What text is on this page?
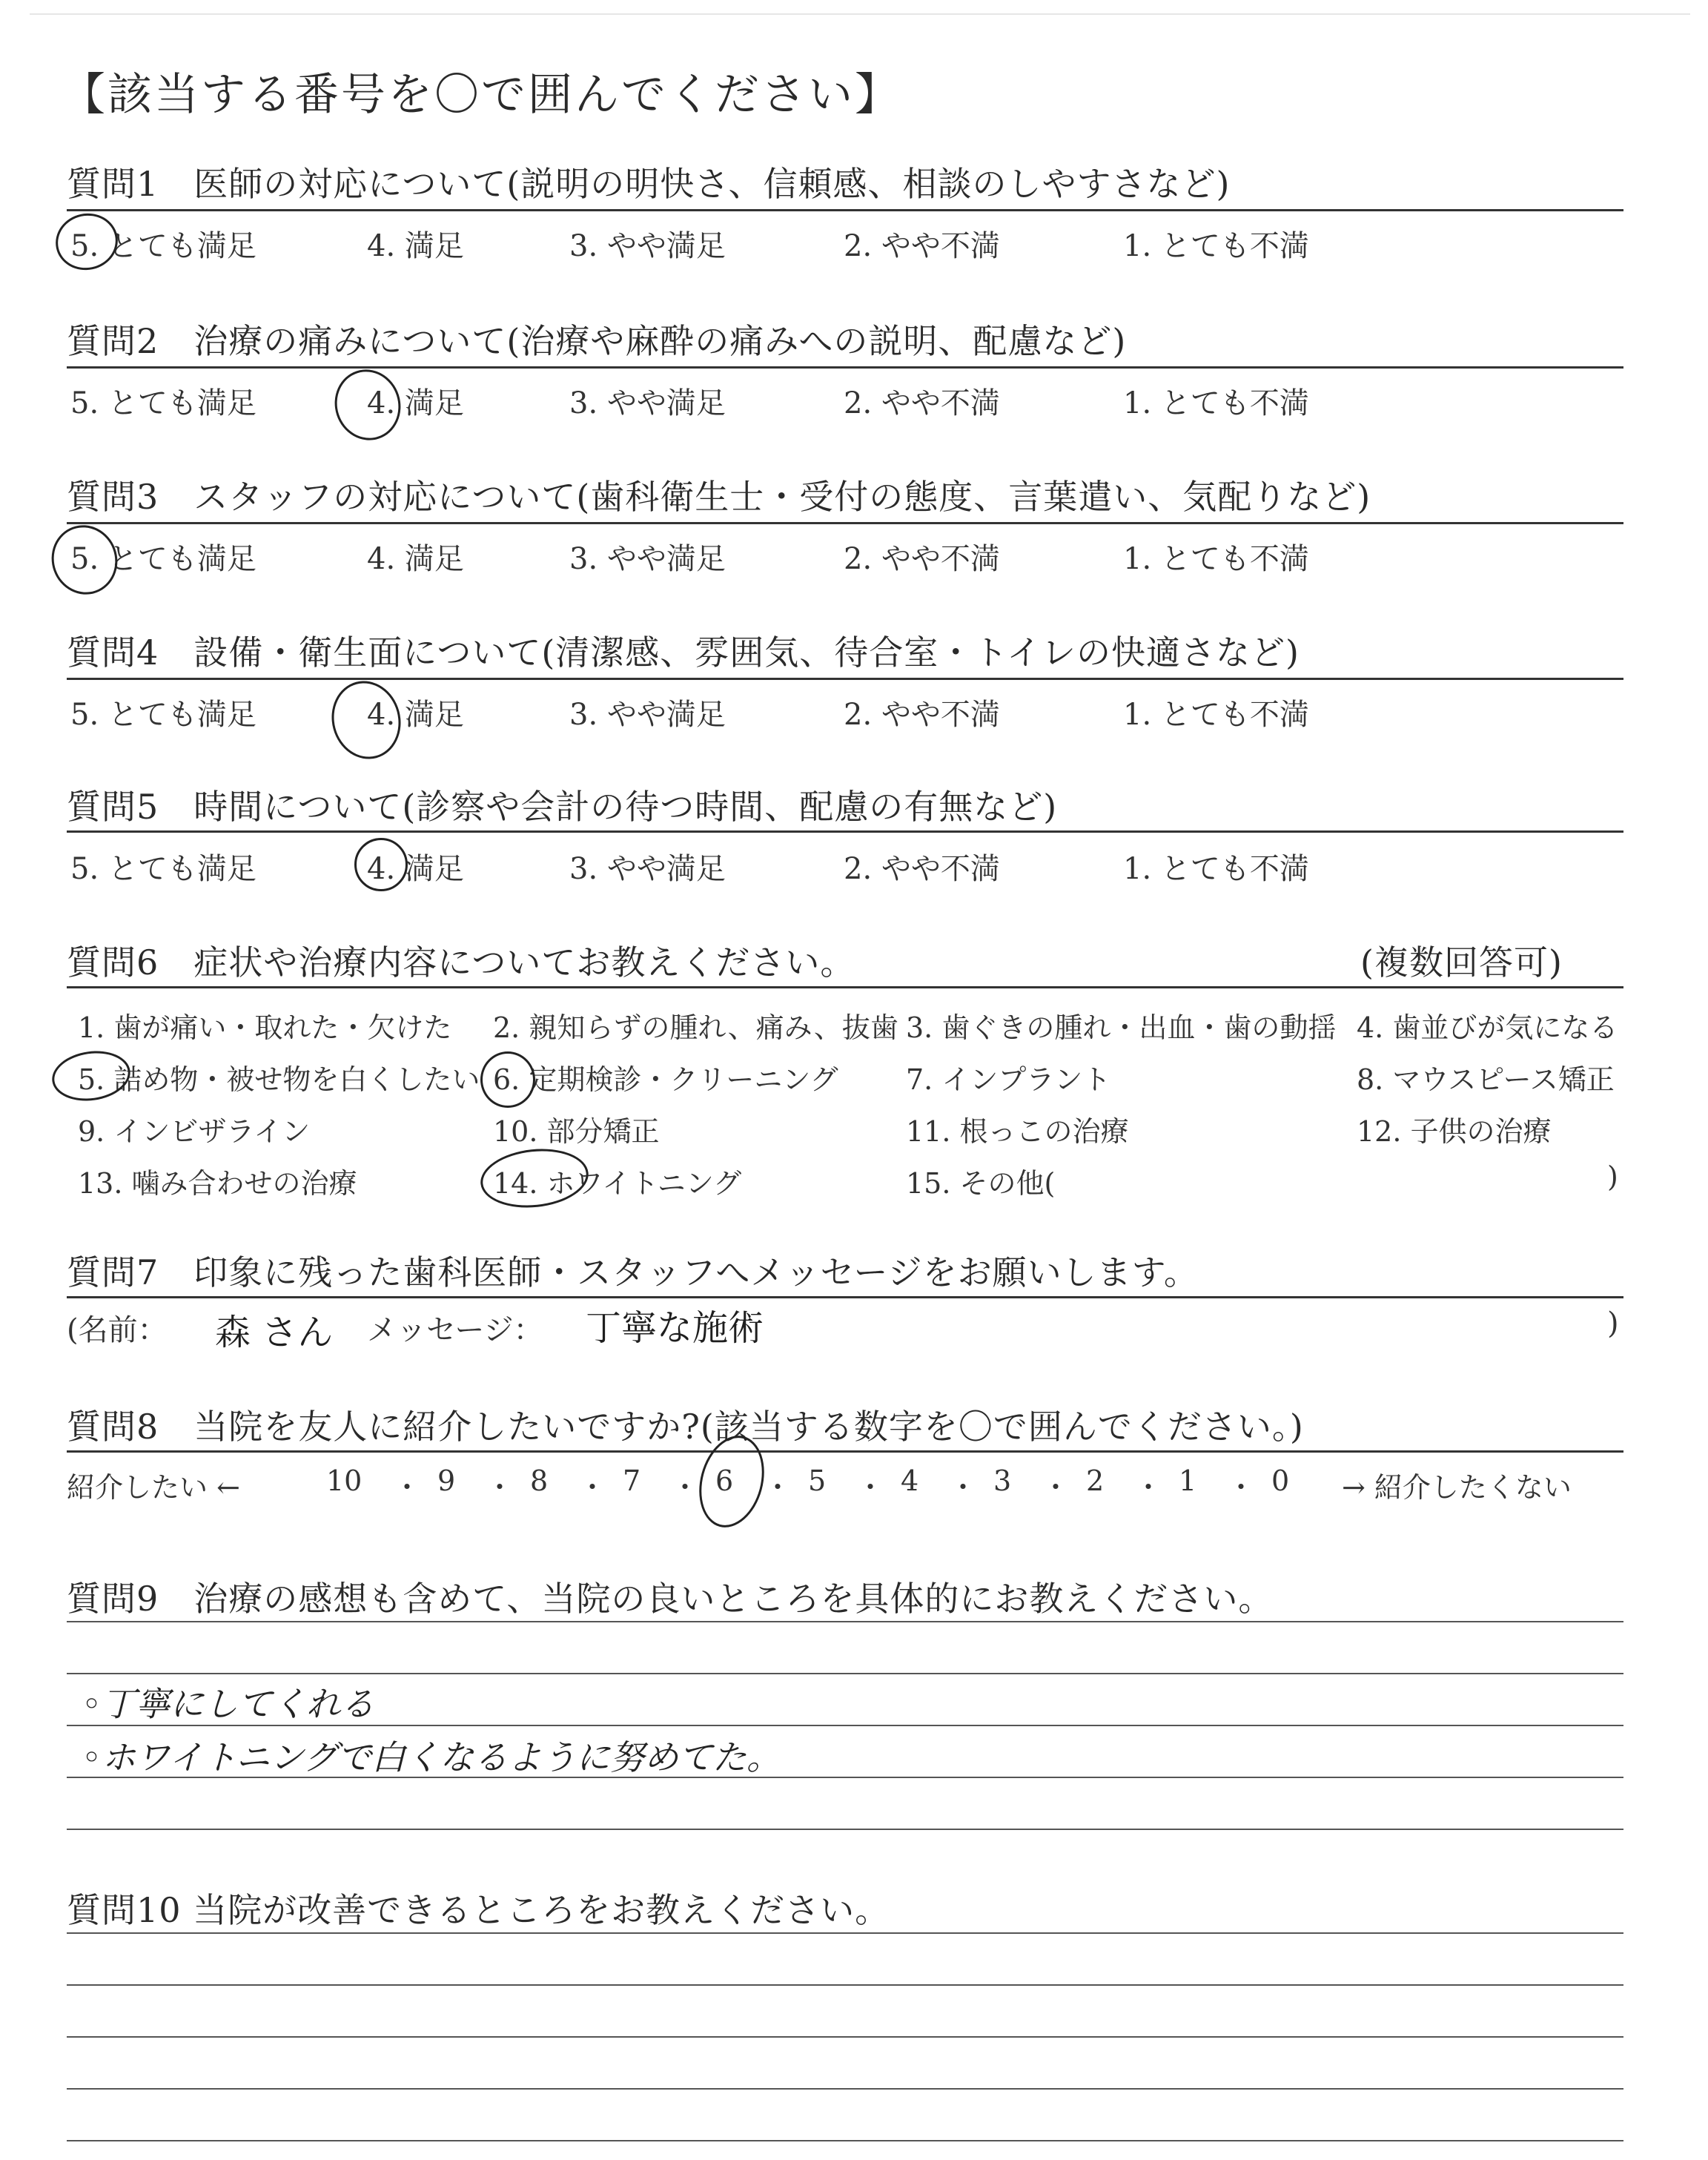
【該当する番号を〇で囲んでください】
質問1　医師の対応について(説明の明快さ、信頼感、相談のしやすさなど)
5. とても満足	4. 満足	3. やや満足	2. やや不満	1. とても不満
質問2　治療の痛みについて(治療や麻酔の痛みへの説明、配慮など)
5. とても満足	4. 満足	3. やや満足	2. やや不満	1. とても不満
質問3　スタッフの対応について(歯科衛生士・受付の態度、言葉遣い、気配りなど)
5. とても満足	4. 満足	3. やや満足	2. やや不満	1. とても不満
質問4　設備・衛生面について(清潔感、雰囲気、待合室・トイレの快適さなど)
5. とても満足	4. 満足	3. やや満足	2. やや不満	1. とても不満
質問5　時間について(診察や会計の待つ時間、配慮の有無など)
5. とても満足	4. 満足	3. やや満足	2. やや不満	1. とても不満
質問6　症状や治療内容についてお教えください。	(複数回答可)
1. 歯が痛い・取れた・欠けた 2. 親知らずの腫れ、痛み、抜歯 3. 歯ぐきの腫れ・出血・歯の動揺 4. 歯並びが気になる
5. 詰め物・被せ物を白くしたい 6. 定期検診・クリーニング 7. インプラント	8. マウスピース矯正
9. インビザライン	10. 部分矯正	11. 根っこの治療	12. 子供の治療
13. 噛み合わせの治療	14. ホワイトニング	15. その他(	)
質問7　印象に残った歯科医師・スタッフへメッセージをお願いします。
(名前： 森 さん メッセージ： 丁寧な施術	)
質問8　当院を友人に紹介したいですか?(該当する数字を〇で囲んでください。)
紹介したい ←	→ 紹介したくない
10 ・ 9 ・ 8 ・ 7 ・ 6 ・ 5 ・ 4 ・ 3 ・ 2 ・ 1 ・ 0
質問9　治療の感想も含めて、当院の良いところを具体的にお教えください。
◦丁寧にしてくれる
◦ホワイトニングで白くなるように努めてた。
質問10 当院が改善できるところをお教えください。
